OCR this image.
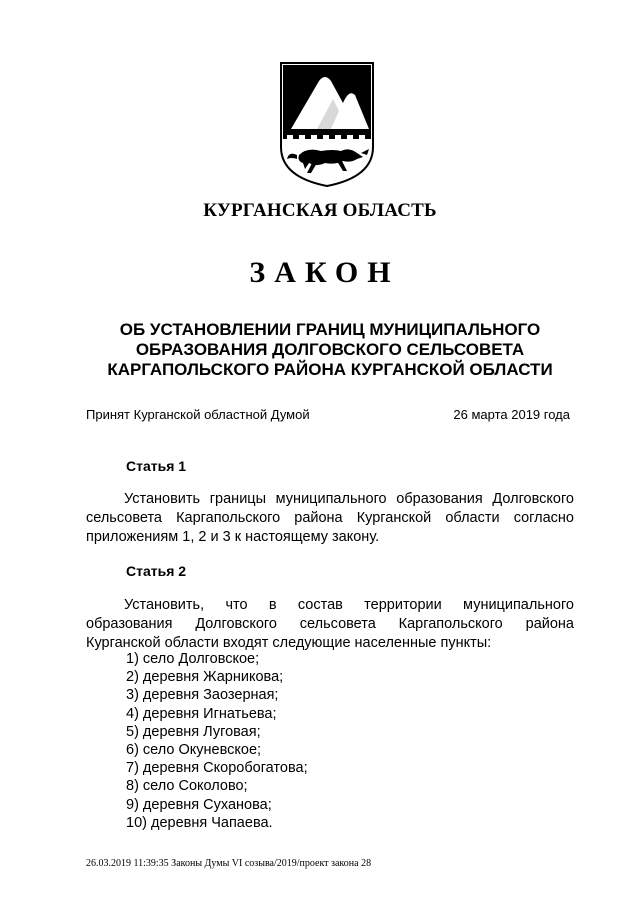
КУРГАНСКАЯ ОБЛАСТЬ
ЗАКОН
ОБ УСТАНОВЛЕНИИ ГРАНИЦ МУНИЦИПАЛЬНОГО
ОБРАЗОВАНИЯ ДОЛГОВСКОГО СЕЛЬСОВЕТА
КАРГАПОЛЬСКОГО РАЙОНА КУРГАНСКОЙ ОБЛАСТИ
Принят Курганской областной Думой	26 марта 2019 года
Статья 1
Установить границы муниципального образования Долговского
сельсовета Каргапольского района Курганской области согласно
приложениям 1, 2 и 3 к настоящему закону.
Статья 2
Установить, что в состав территории муниципального
образования Долговского сельсовета Каргапольского района
Курганской области входят следующие населенные пункты:
1) село Долговское;
2) деревня Жарникова;
3) деревня Заозерная;
4) деревня Игнатьева;
5) деревня Луговая;
6) село Окуневское;
7) деревня Скоробогатова;
8) село Соколово;
9) деревня Суханова;
10) деревня Чапаева.
26.03.2019 11:39:35 Законы Думы VI созыва/2019/проект закона 28
